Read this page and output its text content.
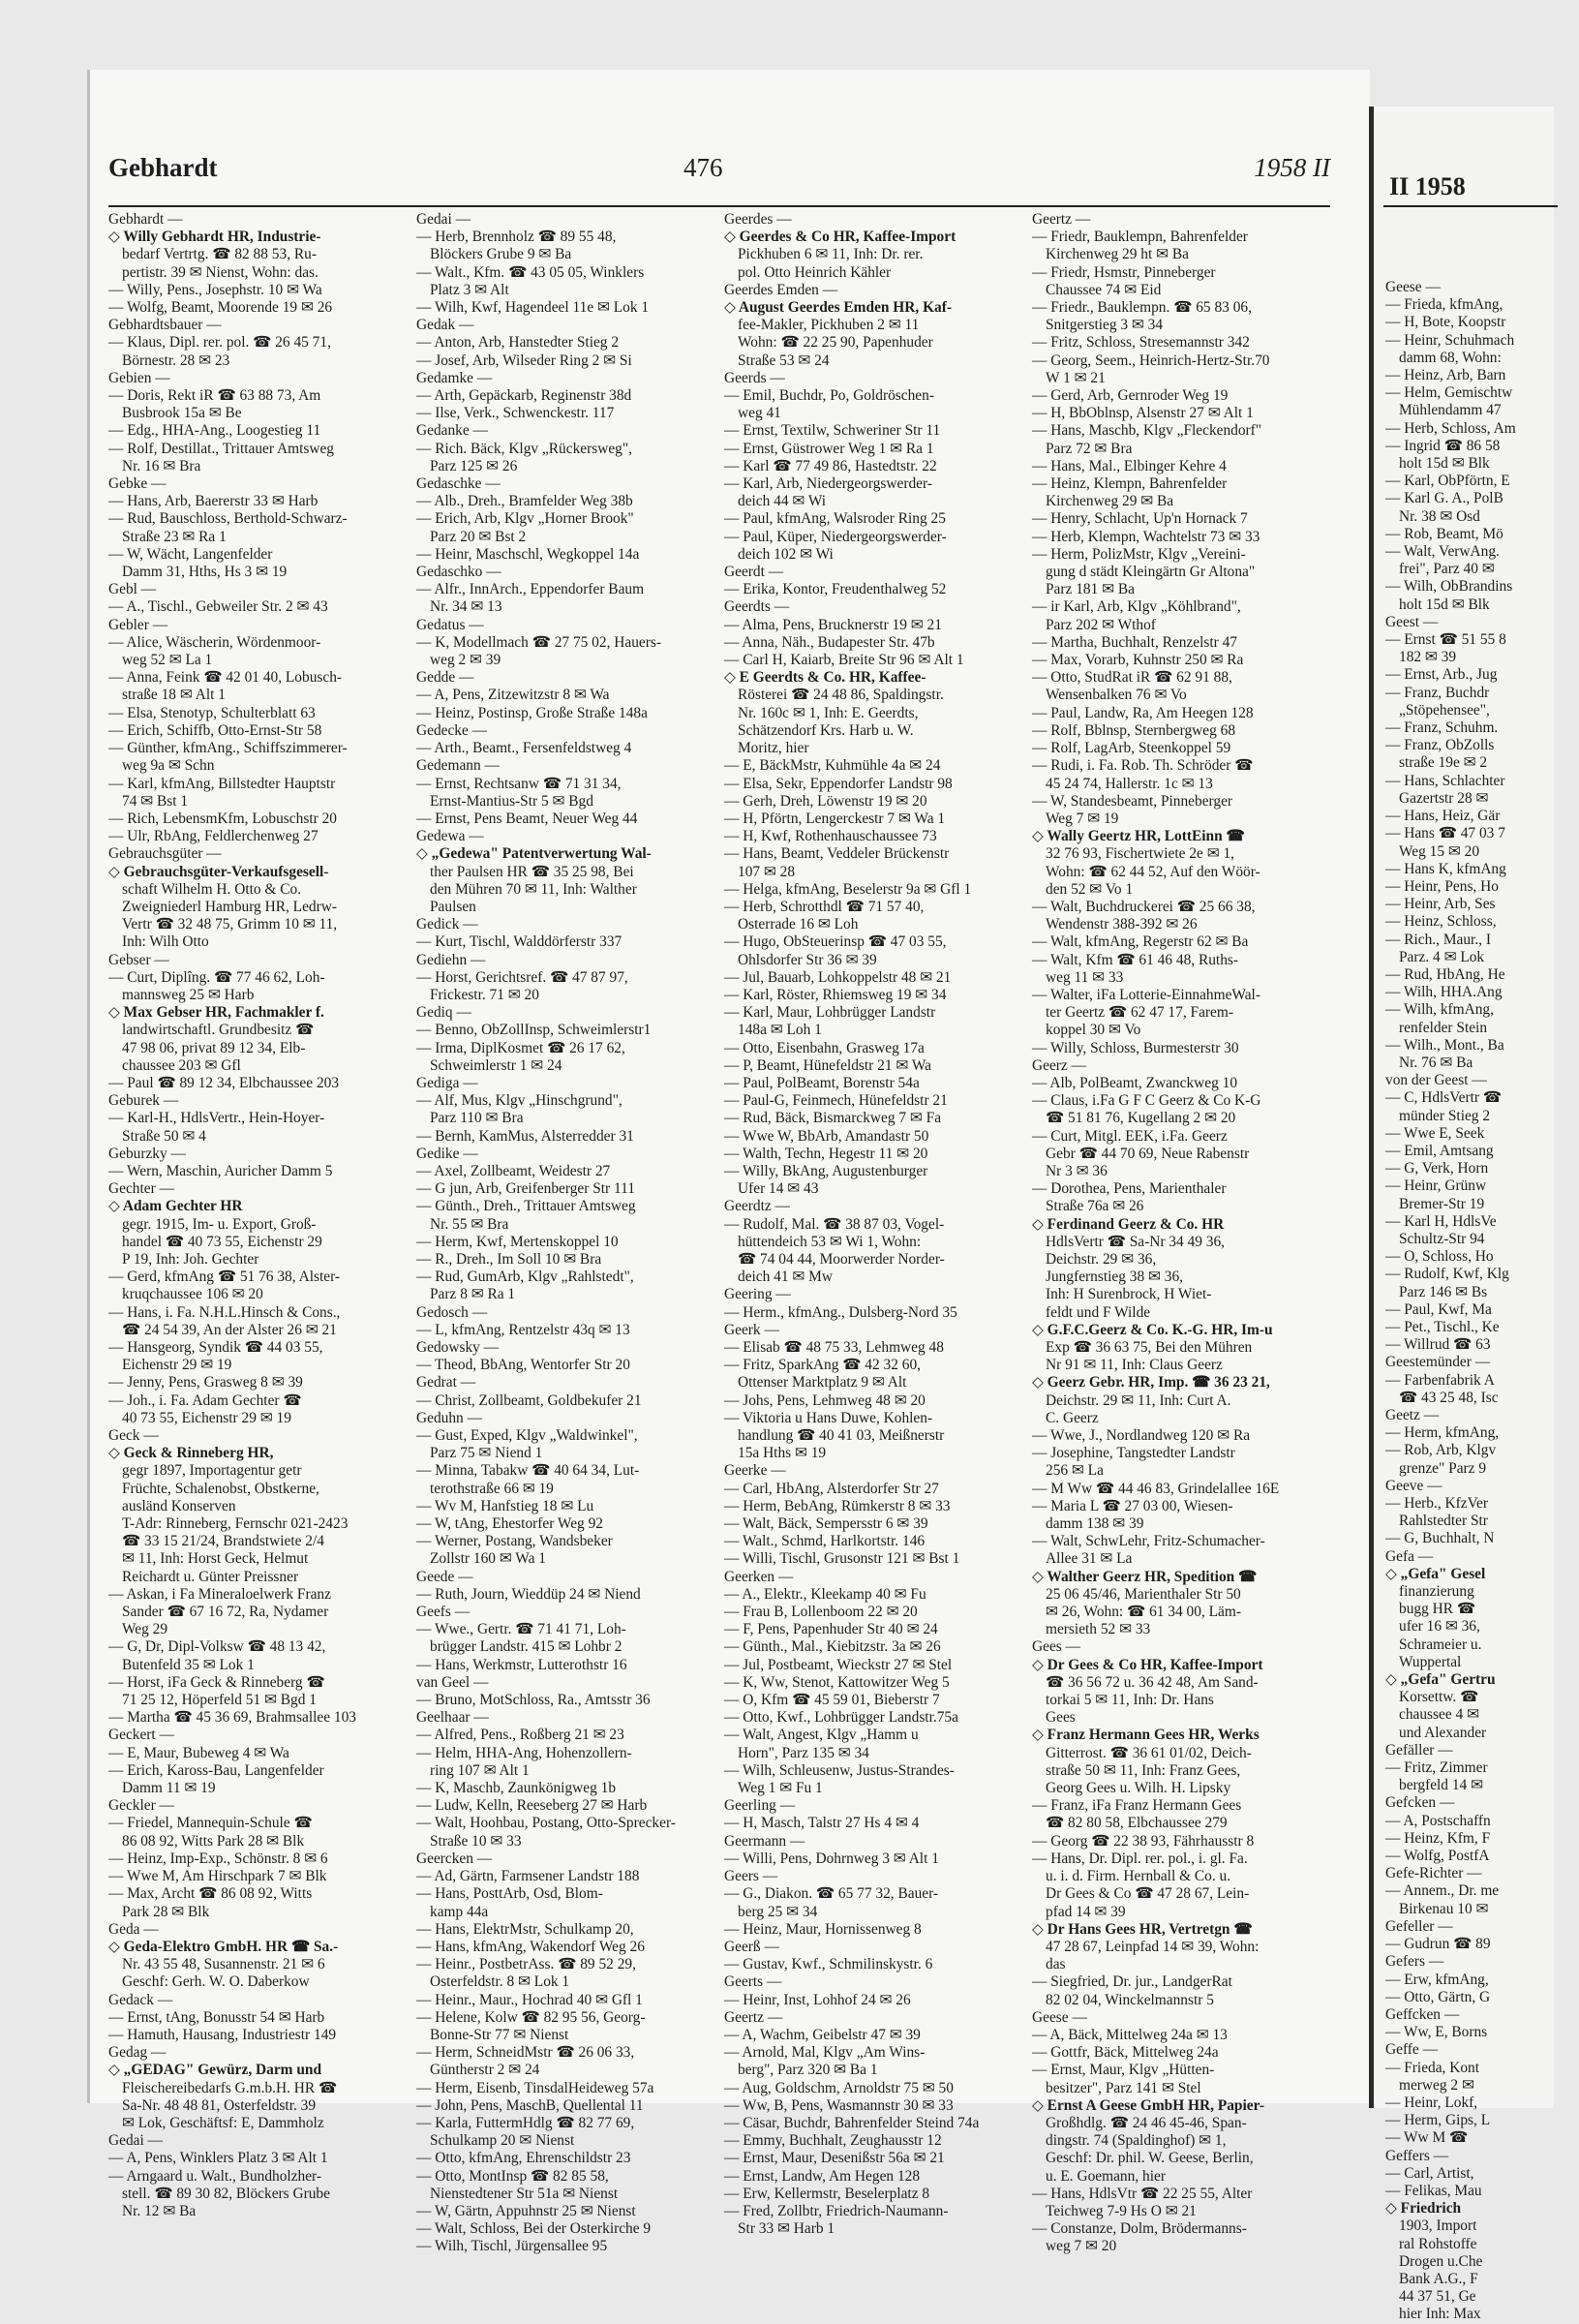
II 1958
Geese —
— Frieda, kfmAng,
— H, Bote, Koopstr
— Heinr, Schuhmach
damm 68, Wohn:
— Heinz, Arb, Barn
— Helm, Gemischtw
Mühlendamm 47
— Herb, Schloss, Am
— Ingrid ☎ 86 58
holt 15d ✉ Blk
— Karl, ObPförtn, E
— Karl G. A., PolB
Nr. 38 ✉ Osd
— Rob, Beamt, Mö
— Walt, VerwAng.
frei", Parz 40 ✉
— Wilh, ObBrandins
holt 15d ✉ Blk
Geest —
— Ernst ☎ 51 55 8
182 ✉ 39
— Ernst, Arb., Jug
— Franz, Buchdr
„Stöpehensee",
— Franz, Schuhm.
— Franz, ObZolls
straße 19e ✉ 2
— Hans, Schlachter
Gazertstr 28 ✉
— Hans, Heiz, Gär
— Hans ☎ 47 03 7
Weg 15 ✉ 20
— Hans K, kfmAng
— Heinr, Pens, Ho
— Heinr, Arb, Ses
— Heinz, Schloss,
— Rich., Maur., I
Parz. 4 ✉ Lok
— Rud, HbAng, He
— Wilh, HHA.Ang
— Wilh, kfmAng,
renfelder Stein
— Wilh., Mont., Ba
Nr. 76 ✉ Ba
von der Geest —
— C, HdlsVertr ☎
münder Stieg 2
— Wwe E, Seek
— Emil, Amtsang
— G, Verk, Horn
— Heinr, Grünw
Bremer-Str 19
— Karl H, HdlsVe
Schultz-Str 94
— O, Schloss, Ho
— Rudolf, Kwf, Klg
Parz 146 ✉ Bs
— Paul, Kwf, Ma
— Pet., Tischl., Ke
— Willrud ☎ 63
Geestemünder —
— Farbenfabrik A
☎ 43 25 48, Isc
Geetz —
— Herm, kfmAng,
— Rob, Arb, Klgv
grenze" Parz 9
Geeve —
— Herb., KfzVer
Rahlstedter Str
— G, Buchhalt, N
Gefa —
◇ „Gefa" Gesel
finanzierung
bugg HR ☎
ufer 16 ✉ 36,
Schrameier u.
Wuppertal
◇ „Gefa" Gertru
Korsettw. ☎
chaussee 4 ✉
und Alexander
Gefäller —
— Fritz, Zimmer
bergfeld 14 ✉
Gefcken —
— A, Postschaffn
— Heinz, Kfm, F
— Wolfg, PostfA
Gefe-Richter —
— Annem., Dr. me
Birkenau 10 ✉
Gefeller —
— Gudrun ☎ 89
Gefers —
— Erw, kfmAng,
— Otto, Gärtn, G
Geffcken —
— Ww, E, Borns
Geffe —
— Frieda, Kont
merweg 2 ✉
— Heinr, Lokf,
— Herm, Gips, L
— Ww M ☎
Geffers —
— Carl, Artist,
— Felikas, Mau
◇ Friedrich
1903, Import
ral Rohstoffe
Drogen u.Che
Bank A.G., F
44 37 51, Ge
hier Inh: Max
Gebhardt	476	1958 II
Gebhardt —
◇ Willy Gebhardt HR, Industrie-
bedarf Vertrtg. ☎ 82 88 53, Ru-
pertistr. 39 ✉ Nienst, Wohn: das.
— Willy, Pens., Josephstr. 10 ✉ Wa
— Wolfg, Beamt, Moorende 19 ✉ 26
Gebhardtsbauer —
— Klaus, Dipl. rer. pol. ☎ 26 45 71,
Börnestr. 28 ✉ 23
Gebien —
— Doris, Rekt iR ☎ 63 88 73, Am
Busbrook 15a ✉ Be
— Edg., HHA-Ang., Loogestieg 11
— Rolf, Destillat., Trittauer Amtsweg
Nr. 16 ✉ Bra
Gebke —
— Hans, Arb, Baererstr 33 ✉ Harb
— Rud, Bauschloss, Berthold-Schwarz-
Straße 23 ✉ Ra 1
— W, Wächt, Langenfelder
Damm 31, Hths, Hs 3 ✉ 19
Gebl —
— A., Tischl., Gebweiler Str. 2 ✉ 43
Gebler —
— Alice, Wäscherin, Wördenmoor-
weg 52 ✉ La 1
— Anna, Feink ☎ 42 01 40, Lobusch-
straße 18 ✉ Alt 1
— Elsa, Stenotyp, Schulterblatt 63
— Erich, Schiffb, Otto-Ernst-Str 58
— Günther, kfmAng., Schiffszimmerer-
weg 9a ✉ Schn
— Karl, kfmAng, Billstedter Hauptstr
74 ✉ Bst 1
— Rich, LebensmKfm, Lobuschstr 20
— Ulr, RbAng, Feldlerchenweg 27
Gebrauchsgüter —
◇ Gebrauchsgüter-Verkaufsgesell-
schaft Wilhelm H. Otto & Co.
Zweigniederl Hamburg HR, Ledrw-
Vertr ☎ 32 48 75, Grimm 10 ✉ 11,
Inh: Wilh Otto
Gebser —
— Curt, Diplîng. ☎ 77 46 62, Loh-
mannsweg 25 ✉ Harb
◇ Max Gebser HR, Fachmakler f.
landwirtschaftl. Grundbesitz ☎
47 98 06, privat 89 12 34, Elb-
chaussee 203 ✉ Gfl
— Paul ☎ 89 12 34, Elbchaussee 203
Geburek —
— Karl-H., HdlsVertr., Hein-Hoyer-
Straße 50 ✉ 4
Geburzky —
— Wern, Maschin, Auricher Damm 5
Gechter —
◇ Adam Gechter HR
gegr. 1915, Im- u. Export, Groß-
handel ☎ 40 73 55, Eichenstr 29
P 19, Inh: Joh. Gechter
— Gerd, kfmAng ☎ 51 76 38, Alster-
kruqchaussee 106 ✉ 20
— Hans, i. Fa. N.H.L.Hinsch & Cons.,
☎ 24 54 39, An der Alster 26 ✉ 21
— Hansgeorg, Syndik ☎ 44 03 55,
Eichenstr 29 ✉ 19
— Jenny, Pens, Grasweg 8 ✉ 39
— Joh., i. Fa. Adam Gechter ☎
40 73 55, Eichenstr 29 ✉ 19
Geck —
◇ Geck & Rinneberg HR,
gegr 1897, Importagentur getr
Früchte, Schalenobst, Obstkerne,
ausländ Konserven
T-Adr: Rinneberg, Fernschr 021-2423
☎ 33 15 21/24, Brandstwiete 2/4
✉ 11, Inh: Horst Geck, Helmut
Reichardt u. Günter Preissner
— Askan, i Fa Mineraloelwerk Franz
Sander ☎ 67 16 72, Ra, Nydamer
Weg 29
— G, Dr, Dipl-Volksw ☎ 48 13 42,
Butenfeld 35 ✉ Lok 1
— Horst, iFa Geck & Rinneberg ☎
71 25 12, Höperfeld 51 ✉ Bgd 1
— Martha ☎ 45 36 69, Brahmsallee 103
Geckert —
— E, Maur, Bubeweg 4 ✉ Wa
— Erich, Kaross-Bau, Langenfelder
Damm 11 ✉ 19
Geckler —
— Friedel, Mannequin-Schule ☎
86 08 92, Witts Park 28 ✉ Blk
— Heinz, Imp-Exp., Schönstr. 8 ✉ 6
— Wwe M, Am Hirschpark 7 ✉ Blk
— Max, Archt ☎ 86 08 92, Witts
Park 28 ✉ Blk
Geda —
◇ Geda-Elektro GmbH. HR ☎ Sa.-
Nr. 43 55 48, Susannenstr. 21 ✉ 6
Geschf: Gerh. W. O. Daberkow
Gedack —
— Ernst, tAng, Bonusstr 54 ✉ Harb
— Hamuth, Hausang, Industriestr 149
Gedag —
◇ „GEDAG" Gewürz, Darm und
Fleischereibedarfs G.m.b.H. HR ☎
Sa-Nr. 48 48 81, Osterfeldstr. 39
✉ Lok, Geschäftsf: E, Dammholz
Gedai —
— A, Pens, Winklers Platz 3 ✉ Alt 1
— Arngaard u. Walt., Bundholzher-
stell. ☎ 89 30 82, Blöckers Grube
Nr. 12 ✉ Ba
Gedai —
— Herb, Brennholz ☎ 89 55 48,
Blöckers Grube 9 ✉ Ba
— Walt., Kfm. ☎ 43 05 05, Winklers
Platz 3 ✉ Alt
— Wilh, Kwf, Hagendeel 11e ✉ Lok 1
Gedak —
— Anton, Arb, Hanstedter Stieg 2
— Josef, Arb, Wilseder Ring 2 ✉ Si
Gedamke —
— Arth, Gepäckarb, Reginenstr 38d
— Ilse, Verk., Schwenckestr. 117
Gedanke —
— Rich. Bäck, Klgv „Rückersweg",
Parz 125 ✉ 26
Gedaschke —
— Alb., Dreh., Bramfelder Weg 38b
— Erich, Arb, Klgv „Horner Brook"
Parz 20 ✉ Bst 2
— Heinr, Maschschl, Wegkoppel 14a
Gedaschko —
— Alfr., InnArch., Eppendorfer Baum
Nr. 34 ✉ 13
Gedatus —
— K, Modellmach ☎ 27 75 02, Hauers-
weg 2 ✉ 39
Gedde —
— A, Pens, Zitzewitzstr 8 ✉ Wa
— Heinz, Postinsp, Große Straße 148a
Gedecke —
— Arth., Beamt., Fersenfeldstweg 4
Gedemann —
— Ernst, Rechtsanw ☎ 71 31 34,
Ernst-Mantius-Str 5 ✉ Bgd
— Ernst, Pens Beamt, Neuer Weg 44
Gedewa —
◇ „Gedewa" Patentverwertung Wal-
ther Paulsen HR ☎ 35 25 98, Bei
den Mühren 70 ✉ 11, Inh: Walther
Paulsen
Gedick —
— Kurt, Tischl, Walddörferstr 337
Gediehn —
— Horst, Gerichtsref. ☎ 47 87 97,
Frickestr. 71 ✉ 20
Gediq —
— Benno, ObZollInsp, Schweimlerstr1
— Irma, DiplKosmet ☎ 26 17 62,
Schweimlerstr 1 ✉ 24
Gediga —
— Alf, Mus, Klgv „Hinschgrund",
Parz 110 ✉ Bra
— Bernh, KamMus, Alsterredder 31
Gedike —
— Axel, Zollbeamt, Weidestr 27
— G jun, Arb, Greifenberger Str 111
— Günth., Dreh., Trittauer Amtsweg
Nr. 55 ✉ Bra
— Herm, Kwf, Mertenskoppel 10
— R., Dreh., Im Soll 10 ✉ Bra
— Rud, GumArb, Klgv „Rahlstedt",
Parz 8 ✉ Ra 1
Gedosch —
— L, kfmAng, Rentzelstr 43q ✉ 13
Gedowsky —
— Theod, BbAng, Wentorfer Str 20
Gedrat —
— Christ, Zollbeamt, Goldbekufer 21
Geduhn —
— Gust, Exped, Klgv „Waldwinkel",
Parz 75 ✉ Niend 1
— Minna, Tabakw ☎ 40 64 34, Lut-
terothstraße 66 ✉ 19
— Wv M, Hanfstieg 18 ✉ Lu
— W, tAng, Ehestorfer Weg 92
— Werner, Postang, Wandsbeker
Zollstr 160 ✉ Wa 1
Geede —
— Ruth, Journ, Wieddüp 24 ✉ Niend
Geefs —
— Wwe., Gertr. ☎ 71 41 71, Loh-
brügger Landstr. 415 ✉ Lohbr 2
— Hans, Werkmstr, Lutterothstr 16
van Geel —
— Bruno, MotSchloss, Ra., Amtsstr 36
Geelhaar —
— Alfred, Pens., Roßberg 21 ✉ 23
— Helm, HHA-Ang, Hohenzollern-
ring 107 ✉ Alt 1
— K, Maschb, Zaunkönigweg 1b
— Ludw, Kelln, Reeseberg 27 ✉ Harb
— Walt, Hoohbau, Postang, Otto-Sprecker-
Straße 10 ✉ 33
Geercken —
— Ad, Gärtn, Farmsener Landstr 188
— Hans, PosttArb, Osd, Blom-
kamp 44a
— Hans, ElektrMstr, Schulkamp 20,
— Hans, kfmAng, Wakendorf Weg 26
— Heinr., PostbetrAss. ☎ 89 52 29,
Osterfeldstr. 8 ✉ Lok 1
— Heinr., Maur., Hochrad 40 ✉ Gfl 1
— Helene, Kolw ☎ 82 95 56, Georg-
Bonne-Str 77 ✉ Nienst
— Herm, SchneidMstr ☎ 26 06 33,
Güntherstr 2 ✉ 24
— Herm, Eisenb, TinsdalHeideweg 57a
— John, Pens, MaschB, Quellental 11
— Karla, FuttermHdlg ☎ 82 77 69,
Schulkamp 20 ✉ Nienst
— Otto, kfmAng, Ehrenschildstr 23
— Otto, MontInsp ☎ 82 85 58,
Nienstedtener Str 51a ✉ Nienst
— W, Gärtn, Appuhnstr 25 ✉ Nienst
— Walt, Schloss, Bei der Osterkirche 9
— Wilh, Tischl, Jürgensallee 95
Geerdes —
◇ Geerdes & Co HR, Kaffee-Import
Pickhuben 6 ✉ 11, Inh: Dr. rer.
pol. Otto Heinrich Kähler
Geerdes Emden —
◇ August Geerdes Emden HR, Kaf-
fee-Makler, Pickhuben 2 ✉ 11
Wohn: ☎ 22 25 90, Papenhuder
Straße 53 ✉ 24
Geerds —
— Emil, Buchdr, Po, Goldröschen-
weg 41
— Ernst, Textilw, Schweriner Str 11
— Ernst, Güstrower Weg 1 ✉ Ra 1
— Karl ☎ 77 49 86, Hastedtstr. 22
— Karl, Arb, Niedergeorgswerder-
deich 44 ✉ Wi
— Paul, kfmAng, Walsroder Ring 25
— Paul, Küper, Niedergeorgswerder-
deich 102 ✉ Wi
Geerdt —
— Erika, Kontor, Freudenthalweg 52
Geerdts —
— Alma, Pens, Brucknerstr 19 ✉ 21
— Anna, Näh., Budapester Str. 47b
— Carl H, Kaiarb, Breite Str 96 ✉ Alt 1
◇ E Geerdts & Co. HR, Kaffee-
Rösterei ☎ 24 48 86, Spaldingstr.
Nr. 160c ✉ 1, Inh: E. Geerdts,
Schätzendorf Krs. Harb u. W.
Moritz, hier
— E, BäckMstr, Kuhmühle 4a ✉ 24
— Elsa, Sekr, Eppendorfer Landstr 98
— Gerh, Dreh, Löwenstr 19 ✉ 20
— H, Pförtn, Lengerckestr 7 ✉ Wa 1
— H, Kwf, Rothenhauschaussee 73
— Hans, Beamt, Veddeler Brückenstr
107 ✉ 28
— Helga, kfmAng, Beselerstr 9a ✉ Gfl 1
— Herb, Schrotthdl ☎ 71 57 40,
Osterrade 16 ✉ Loh
— Hugo, ObSteuerinsp ☎ 47 03 55,
Ohlsdorfer Str 36 ✉ 39
— Jul, Bauarb, Lohkoppelstr 48 ✉ 21
— Karl, Röster, Rhiemsweg 19 ✉ 34
— Karl, Maur, Lohbrügger Landstr
148a ✉ Loh 1
— Otto, Eisenbahn, Grasweg 17a
— P, Beamt, Hünefeldstr 21 ✉ Wa
— Paul, PolBeamt, Borenstr 54a
— Paul-G, Feinmech, Hünefeldstr 21
— Rud, Bäck, Bismarckweg 7 ✉ Fa
— Wwe W, BbArb, Amandastr 50
— Walth, Techn, Hegestr 11 ✉ 20
— Willy, BkAng, Augustenburger
Ufer 14 ✉ 43
Geerdtz —
— Rudolf, Mal. ☎ 38 87 03, Vogel-
hüttendeich 53 ✉ Wi 1, Wohn:
☎ 74 04 44, Moorwerder Norder-
deich 41 ✉ Mw
Geering —
— Herm., kfmAng., Dulsberg-Nord 35
Geerk —
— Elisab ☎ 48 75 33, Lehmweg 48
— Fritz, SparkAng ☎ 42 32 60,
Ottenser Marktplatz 9 ✉ Alt
— Johs, Pens, Lehmweg 48 ✉ 20
— Viktoria u Hans Duwe, Kohlen-
handlung ☎ 40 41 03, Meißnerstr
15a Hths ✉ 19
Geerke —
— Carl, HbAng, Alsterdorfer Str 27
— Herm, BebAng, Rümkerstr 8 ✉ 33
— Walt, Bäck, Sempersstr 6 ✉ 39
— Walt., Schmd, Harlkortstr. 146
— Willi, Tischl, Grusonstr 121 ✉ Bst 1
Geerken —
— A., Elektr., Kleekamp 40 ✉ Fu
— Frau B, Lollenboom 22 ✉ 20
— F, Pens, Papenhuder Str 40 ✉ 24
— Günth., Mal., Kiebitzstr. 3a ✉ 26
— Jul, Postbeamt, Wieckstr 27 ✉ Stel
— K, Ww, Stenot, Kattowitzer Weg 5
— O, Kfm ☎ 45 59 01, Bieberstr 7
— Otto, Kwf., Lohbrügger Landstr.75a
— Walt, Angest, Klgv „Hamm u
Horn", Parz 135 ✉ 34
— Wilh, Schleusenw, Justus-Strandes-
Weg 1 ✉ Fu 1
Geerling —
— H, Masch, Talstr 27 Hs 4 ✉ 4
Geermann —
— Willi, Pens, Dohrnweg 3 ✉ Alt 1
Geers —
— G., Diakon. ☎ 65 77 32, Bauer-
berg 25 ✉ 34
— Heinz, Maur, Hornissenweg 8
Geerß —
— Gustav, Kwf., Schmilinskystr. 6
Geerts —
— Heinr, Inst, Lohhof 24 ✉ 26
Geertz —
— A, Wachm, Geibelstr 47 ✉ 39
— Arnold, Mal, Klgv „Am Wins-
berg", Parz 320 ✉ Ba 1
— Aug, Goldschm, Arnoldstr 75 ✉ 50
— Ww, B, Pens, Wasmannstr 30 ✉ 33
— Cäsar, Buchdr, Bahrenfelder Steind 74a
— Emmy, Buchhalt, Zeughausstr 12
— Ernst, Maur, Desenißstr 56a ✉ 21
— Ernst, Landw, Am Hegen 128
— Erw, Kellermstr, Beselerplatz 8
— Fred, Zollbtr, Friedrich-Naumann-
Str 33 ✉ Harb 1
Geertz —
— Friedr, Bauklempn, Bahrenfelder
Kirchenweg 29 ht ✉ Ba
— Friedr, Hsmstr, Pinneberger
Chaussee 74 ✉ Eid
— Friedr., Bauklempn. ☎ 65 83 06,
Snitgerstieg 3 ✉ 34
— Fritz, Schloss, Stresemannstr 342
— Georg, Seem., Heinrich-Hertz-Str.70
W 1 ✉ 21
— Gerd, Arb, Gernroder Weg 19
— H, BbOblnsp, Alsenstr 27 ✉ Alt 1
— Hans, Maschb, Klgv „Fleckendorf"
Parz 72 ✉ Bra
— Hans, Mal., Elbinger Kehre 4
— Heinz, Klempn, Bahrenfelder
Kirchenweg 29 ✉ Ba
— Henry, Schlacht, Up'n Hornack 7
— Herb, Klempn, Wachtelstr 73 ✉ 33
— Herm, PolizMstr, Klgv „Vereini-
gung d städt Kleingärtn Gr Altona"
Parz 181 ✉ Ba
— ir Karl, Arb, Klgv „Köhlbrand",
Parz 202 ✉ Wthof
— Martha, Buchhalt, Renzelstr 47
— Max, Vorarb, Kuhnstr 250 ✉ Ra
— Otto, StudRat iR ☎ 62 91 88,
Wensenbalken 76 ✉ Vo
— Paul, Landw, Ra, Am Heegen 128
— Rolf, Bblnsp, Sternbergweg 68
— Rolf, LagArb, Steenkoppel 59
— Rudi, i. Fa. Rob. Th. Schröder ☎
45 24 74, Hallerstr. 1c ✉ 13
— W, Standesbeamt, Pinneberger
Weg 7 ✉ 19
◇ Wally Geertz HR, LottEinn ☎
32 76 93, Fischertwiete 2e ✉ 1,
Wohn: ☎ 62 44 52, Auf den Wöör-
den 52 ✉ Vo 1
— Walt, Buchdruckerei ☎ 25 66 38,
Wendenstr 388-392 ✉ 26
— Walt, kfmAng, Regerstr 62 ✉ Ba
— Walt, Kfm ☎ 61 46 48, Ruths-
weg 11 ✉ 33
— Walter, iFa Lotterie-EinnahmeWal-
ter Geertz ☎ 62 47 17, Farem-
koppel 30 ✉ Vo
— Willy, Schloss, Burmesterstr 30
Geerz —
— Alb, PolBeamt, Zwanckweg 10
— Claus, i.Fa G F C Geerz & Co K-G
☎ 51 81 76, Kugellang 2 ✉ 20
— Curt, Mitgl. EEK, i.Fa. Geerz
Gebr ☎ 44 70 69, Neue Rabenstr
Nr 3 ✉ 36
— Dorothea, Pens, Marienthaler
Straße 76a ✉ 26
◇ Ferdinand Geerz & Co. HR
HdlsVertr ☎ Sa-Nr 34 49 36,
Deichstr. 29 ✉ 36,
Jungfernstieg 38 ✉ 36,
Inh: H Surenbrock, H Wiet-
feldt und F Wilde
◇ G.F.C.Geerz & Co. K.-G. HR, Im-u
Exp ☎ 36 63 75, Bei den Mühren
Nr 91 ✉ 11, Inh: Claus Geerz
◇ Geerz Gebr. HR, Imp. ☎ 36 23 21,
Deichstr. 29 ✉ 11, Inh: Curt A.
C. Geerz
— Wwe, J., Nordlandweg 120 ✉ Ra
— Josephine, Tangstedter Landstr
256 ✉ La
— M Ww ☎ 44 46 83, Grindelallee 16E
— Maria L ☎ 27 03 00, Wiesen-
damm 138 ✉ 39
— Walt, SchwLehr, Fritz-Schumacher-
Allee 31 ✉ La
◇ Walther Geerz HR, Spedition ☎
25 06 45/46, Marienthaler Str 50
✉ 26, Wohn: ☎ 61 34 00, Läm-
mersieth 52 ✉ 33
Gees —
◇ Dr Gees & Co HR, Kaffee-Import
☎ 36 56 72 u. 36 42 48, Am Sand-
torkai 5 ✉ 11, Inh: Dr. Hans
Gees
◇ Franz Hermann Gees HR, Werks
Gitterrost. ☎ 36 61 01/02, Deich-
straße 50 ✉ 11, Inh: Franz Gees,
Georg Gees u. Wilh. H. Lipsky
— Franz, iFa Franz Hermann Gees
☎ 82 80 58, Elbchaussee 279
— Georg ☎ 22 38 93, Fährhausstr 8
— Hans, Dr. Dipl. rer. pol., i. gl. Fa.
u. i. d. Firm. Hernball & Co. u.
Dr Gees & Co ☎ 47 28 67, Lein-
pfad 14 ✉ 39
◇ Dr Hans Gees HR, Vertretgn ☎
47 28 67, Leinpfad 14 ✉ 39, Wohn:
das
— Siegfried, Dr. jur., LandgerRat
82 02 04, Winckelmannstr 5
Geese —
— A, Bäck, Mittelweg 24a ✉ 13
— Gottfr, Bäck, Mittelweg 24a
— Ernst, Maur, Klgv „Hütten-
besitzer", Parz 141 ✉ Stel
◇ Ernst A Geese GmbH HR, Papier-
Großhdlg. ☎ 24 46 45-46, Span-
dingstr. 74 (Spaldinghof) ✉ 1,
Geschf: Dr. phil. W. Geese, Berlin,
u. E. Goemann, hier
— Hans, HdlsVtr ☎ 22 25 55, Alter
Teichweg 7-9 Hs O ✉ 21
— Constanze, Dolm, Brödermanns-
weg 7 ✉ 20
